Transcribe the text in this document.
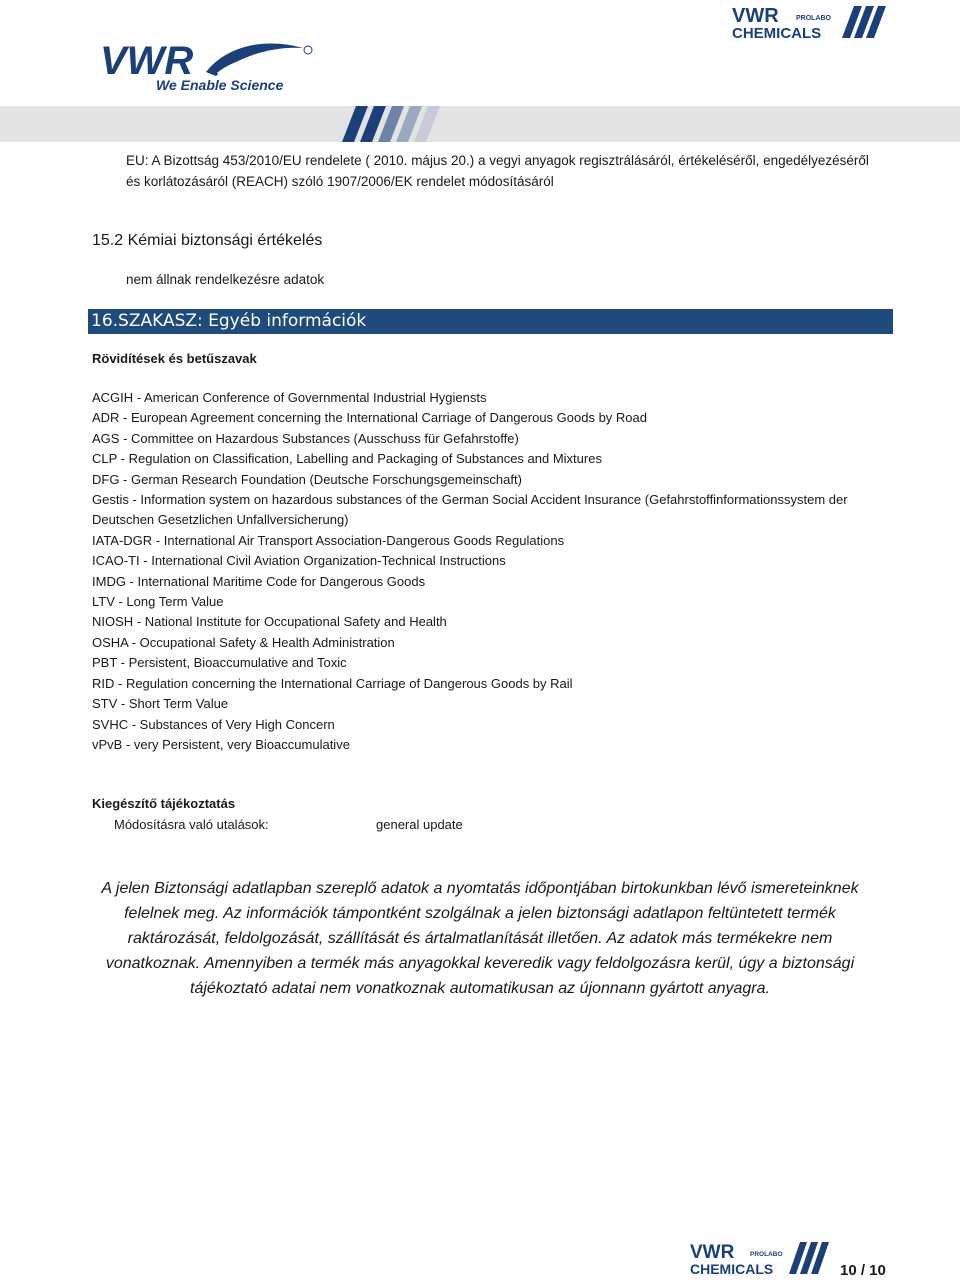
VWR
We Enable Science
VWR PROLABO
CHEMICALS
EU: A Bizottság 453/2010/EU rendelete ( 2010. május 20.) a vegyi anyagok regisztrálásáról, értékeléséről, engedélyezéséről és korlátozásáról (REACH) szóló 1907/2006/EK rendelet módosításáról
15.2 Kémiai biztonsági értékelés
nem állnak rendelkezésre adatok
16.SZAKASZ: Egyéb információk
Rövidítések és betűszavak
ACGIH - American Conference of Governmental Industrial Hygiensts
ADR - European Agreement concerning the International Carriage of Dangerous Goods by Road
AGS - Committee on Hazardous Substances (Ausschuss für Gefahrstoffe)
CLP - Regulation on Classification, Labelling and Packaging of Substances and Mixtures
DFG - German Research Foundation (Deutsche Forschungsgemeinschaft)
Gestis - Information system on hazardous substances of the German Social Accident Insurance (Gefahrstoffinformationssystem der Deutschen Gesetzlichen Unfallversicherung)
IATA-DGR - International Air Transport Association-Dangerous Goods Regulations
ICAO-TI - International Civil Aviation Organization-Technical Instructions
IMDG - International Maritime Code for Dangerous Goods
LTV - Long Term Value
NIOSH - National Institute for Occupational Safety and Health
OSHA - Occupational Safety & Health Administration
PBT - Persistent, Bioaccumulative and Toxic
RID - Regulation concerning the International Carriage of Dangerous Goods by Rail
STV - Short Term Value
SVHC - Substances of Very High Concern
vPvB - very Persistent, very Bioaccumulative
Kiegészítő tájékoztatás
Módosításra való utalások:	general update
A jelen Biztonsági adatlapban szereplő adatok a nyomtatás időpontjában birtokunkban lévő ismereteinknek felelnek meg. Az információk támpontként szolgálnak a jelen biztonsági adatlapon feltüntetett termék raktározását, feldolgozását, szállítását és ártalmatlanítását illetően. Az adatok más termékekre nem vonatkoznak. Amennyiben a termék más anyagokkal keveredik vagy feldolgozásra kerül, úgy a biztonsági tájékoztató adatai nem vonatkoznak automatikusan az újonnann gyártott anyagra.
VWR PROLABO
CHEMICALS	10 / 10
